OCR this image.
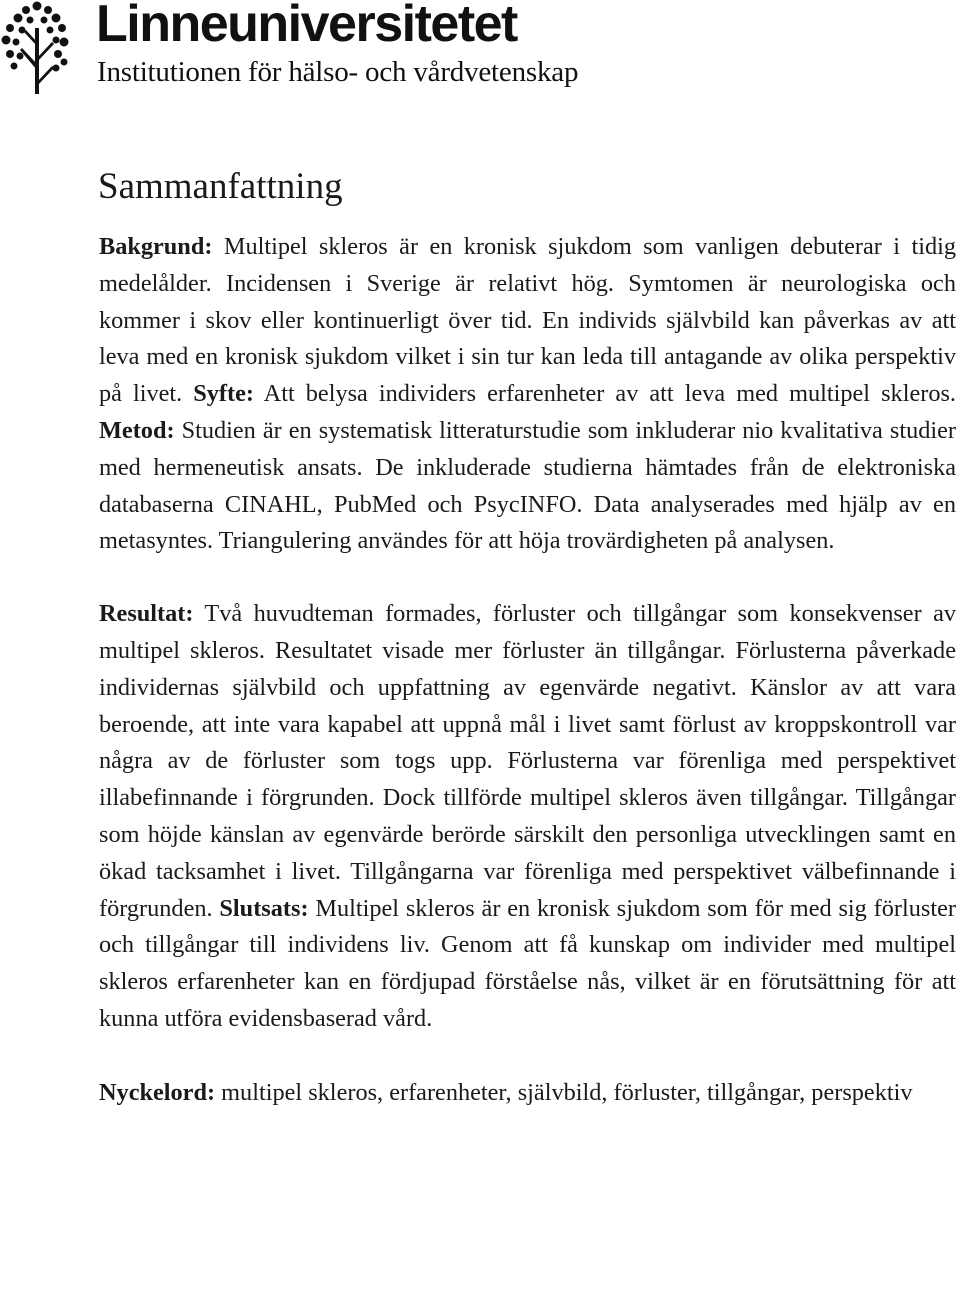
Linneuniversitetet
Institutionen för hälso- och vårdvetenskap
Sammanfattning

Bakgrund: Multipel skleros är en kronisk sjukdom som vanligen debuterar i tidig medelålder. Incidensen i Sverige är relativt hög. Symtomen är neurologiska och kommer i skov eller kontinuerligt över tid. En individs självbild kan påverkas av att leva med en kronisk sjukdom vilket i sin tur kan leda till antagande av olika perspektiv på livet. Syfte: Att belysa individers erfarenheter av att leva med multipel skleros. Metod: Studien är en systematisk litteraturstudie som inkluderar nio kvalitativa studier med hermeneutisk ansats. De inkluderade studierna hämtades från de elektroniska databaserna CINAHL, PubMed och PsycINFO. Data analyserades med hjälp av en metasyntes. Triangulering användes för att höja trovärdigheten på analysen.

Resultat: Två huvudteman formades, förluster och tillgångar som konsekvenser av multipel skleros. Resultatet visade mer förluster än tillgångar. Förlusterna påverkade individernas självbild och uppfattning av egenvärde negativt. Känslor av att vara beroende, att inte vara kapabel att uppnå mål i livet samt förlust av kroppskontroll var några av de förluster som togs upp. Förlusterna var förenliga med perspektivet illabefinnande i förgrunden. Dock tillförde multipel skleros även tillgångar. Tillgångar som höjde känslan av egenvärde berörde särskilt den personliga utvecklingen samt en ökad tacksamhet i livet. Tillgångarna var förenliga med perspektivet välbefinnande i förgrunden. Slutsats: Multipel skleros är en kronisk sjukdom som för med sig förluster och tillgångar till individens liv. Genom att få kunskap om individer med multipel skleros erfarenheter kan en fördjupad förståelse nås, vilket är en förutsättning för att kunna utföra evidensbaserad vård.

Nyckelord: multipel skleros, erfarenheter, självbild, förluster, tillgångar, perspektiv
